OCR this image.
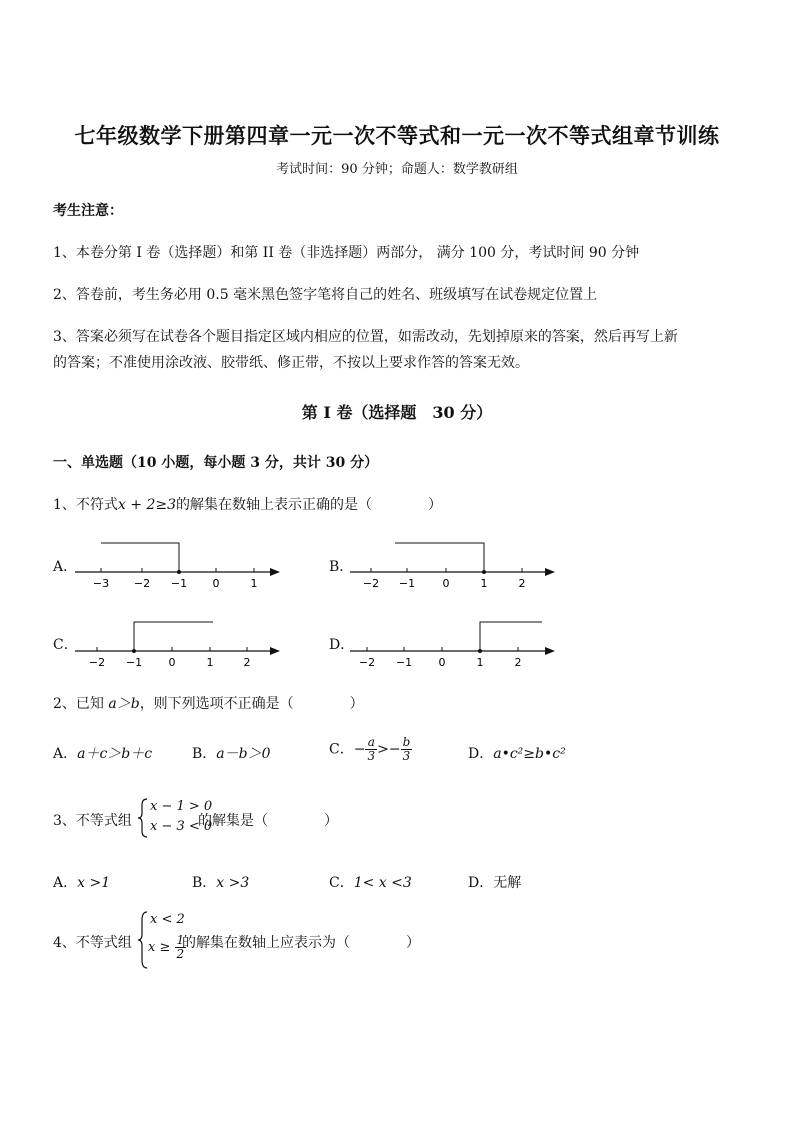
七年级数学下册第四章一元一次不等式和一元一次不等式组章节训练
考试时间：90 分钟；命题人：数学教研组
考生注意：
1、本卷分第 I 卷（选择题）和第 II 卷（非选择题）两部分， 满分 100 分，考试时间 90 分钟
2、答卷前，考生务必用 0.5 毫米黑色签字笔将自己的姓名、班级填写在试卷规定位置上
3、答案必须写在试卷各个题目指定区域内相应的位置，如需改动，先划掉原来的答案，然后再写上新
的答案；不准使用涂改液、胶带纸、修正带，不按以上要求作答的答案无效。
第 I 卷（选择题　30 分）
一、单选题（10 小题，每小题 3 分，共计 30 分）
1、不符式x + 2≥3的解集在数轴上表示正确的是（　　　　）
A．	B．
C．	D．
−3 −2 −1 0	1	−2 −1 0	1	2
−2 −1 0	1	2	−2 −1 0	1	2
2、已知 a＞b，则下列选项不正确是（　　　　）
A．a＋c＞b＋c	B．a－b＞0	C．− $\frac{a}{3} >- \frac{b}{3}$	D．a•c²≥b•c²
3、不等式组
x − 1 > 0
x − 3 < 0
的解集是（　　　　）
A．x >1	B．x >3	C．1< x <3	D．无解
4、不等式组
x < 2
$x \ge \frac{1}{2}$
的解集在数轴上应表示为（　　　　）
